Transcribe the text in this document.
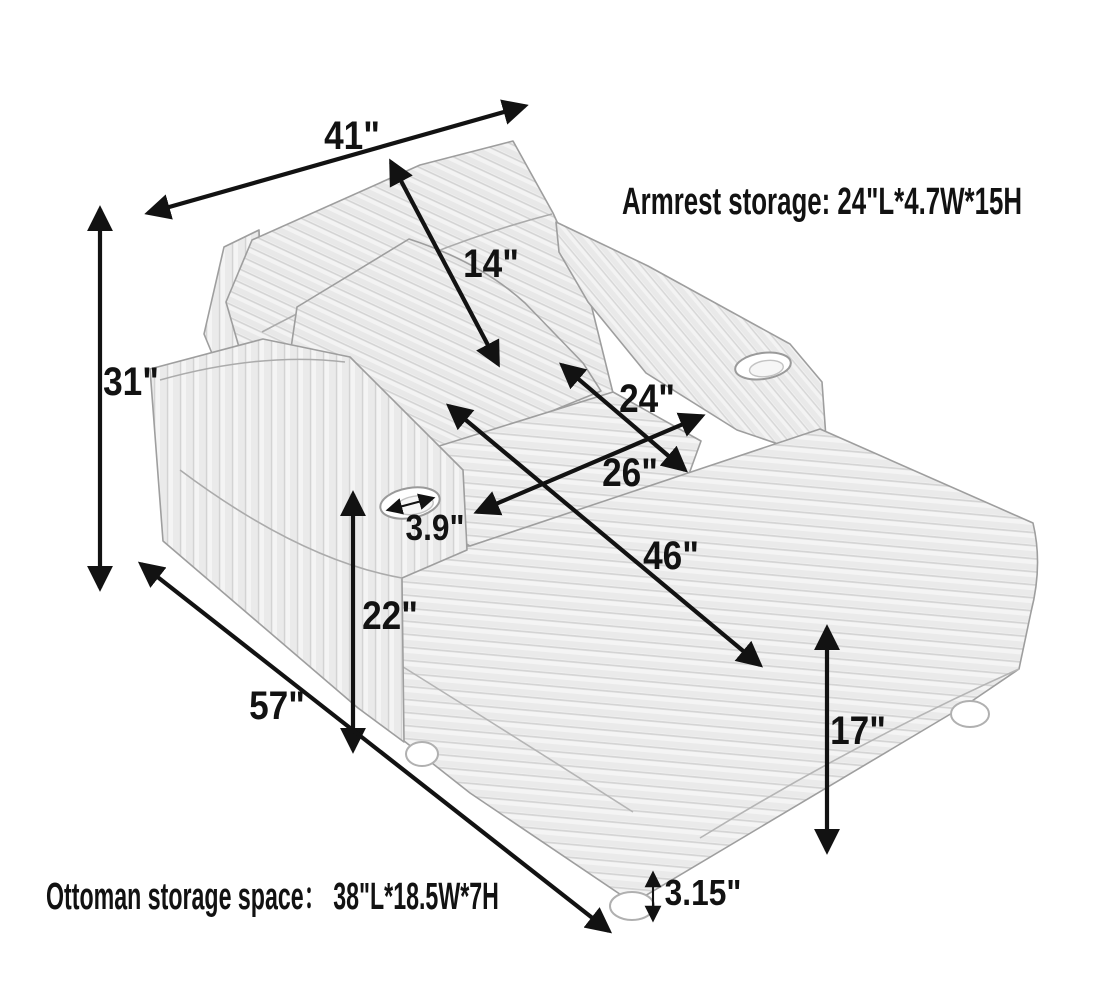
41"
14"
31"	24"
26"
3.9"
46"
22"
57"
17"
3.15"
Armrest storage: 24"L*4.7W*15H
Ottoman storage space： 38"L*18.5W*7H
